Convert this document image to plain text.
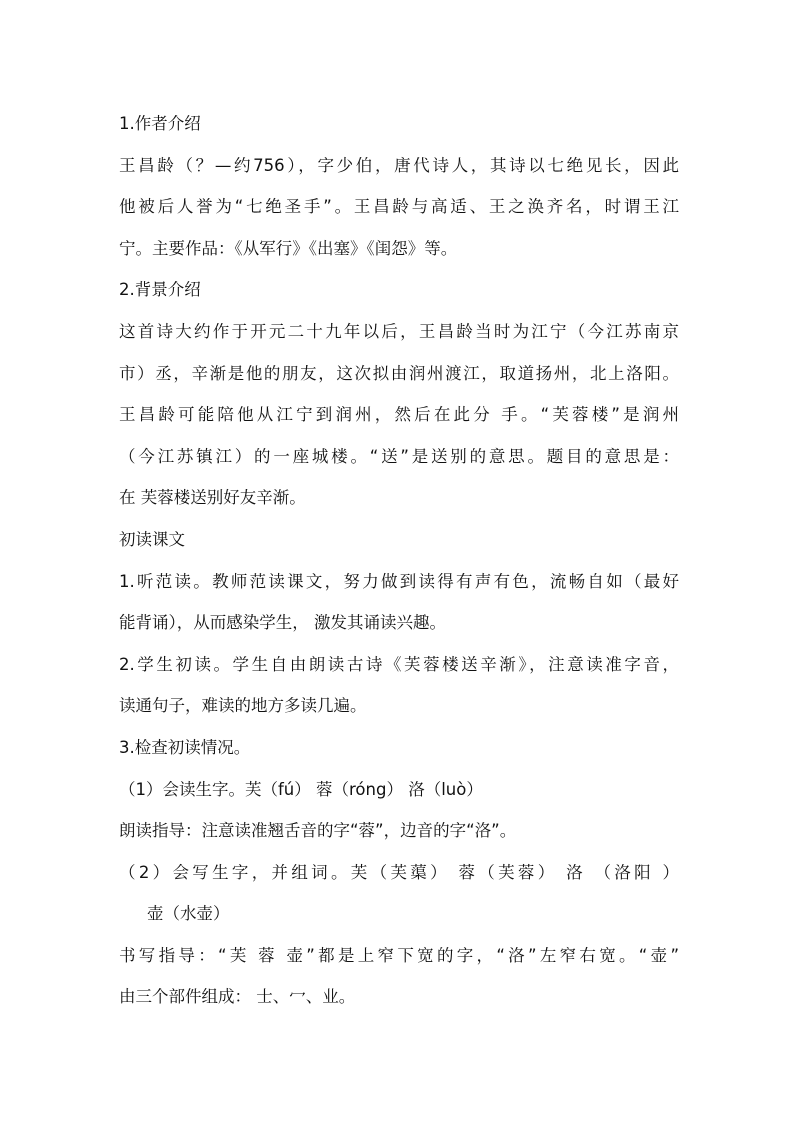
1.作者介绍
王昌龄（？—约756），字少伯，唐代诗人，其诗以七绝见长，因此
他被后人誉为“七绝圣手”。王昌龄与高适、王之涣齐名，时谓王江
宁。主要作品：《从军行》《出塞》《闺怨》等。
2.背景介绍
这首诗大约作于开元二十九年以后，王昌龄当时为江宁（今江苏南京
市）丞，辛渐是他的朋友，这次拟由润州渡江，取道扬州，北上洛阳。
王昌龄可能陪他从江宁到润州，然后在此分 手。“芙蓉楼”是润州
（今江苏镇江）的一座城楼。“送”是送别的意思。题目的意思是：
在 芙蓉楼送别好友辛渐。
初读课文
1.听范读。教师范读课文，努力做到读得有声有色，流畅自如（最好
能背诵），从而感染学生， 激发其诵读兴趣。
2.学生初读。学生自由朗读古诗《芙蓉楼送辛渐》，注意读准字音，
读通句子，难读的地方多读几遍。
3.检查初读情况。
（1）会读生字。芙（fú） 蓉（róng） 洛（luò）
朗读指导：注意读准翘舌音的字“蓉”，边音的字“洛”。
（2）会写生字，并组词。芙（芙蕖） 蓉（芙蓉） 洛 （洛阳 ）
壶（水壶）
书写指导：“芙 蓉 壶”都是上窄下宽的字，“洛”左窄右宽。“壶”
由三个部件组成： 士、冖、业。
